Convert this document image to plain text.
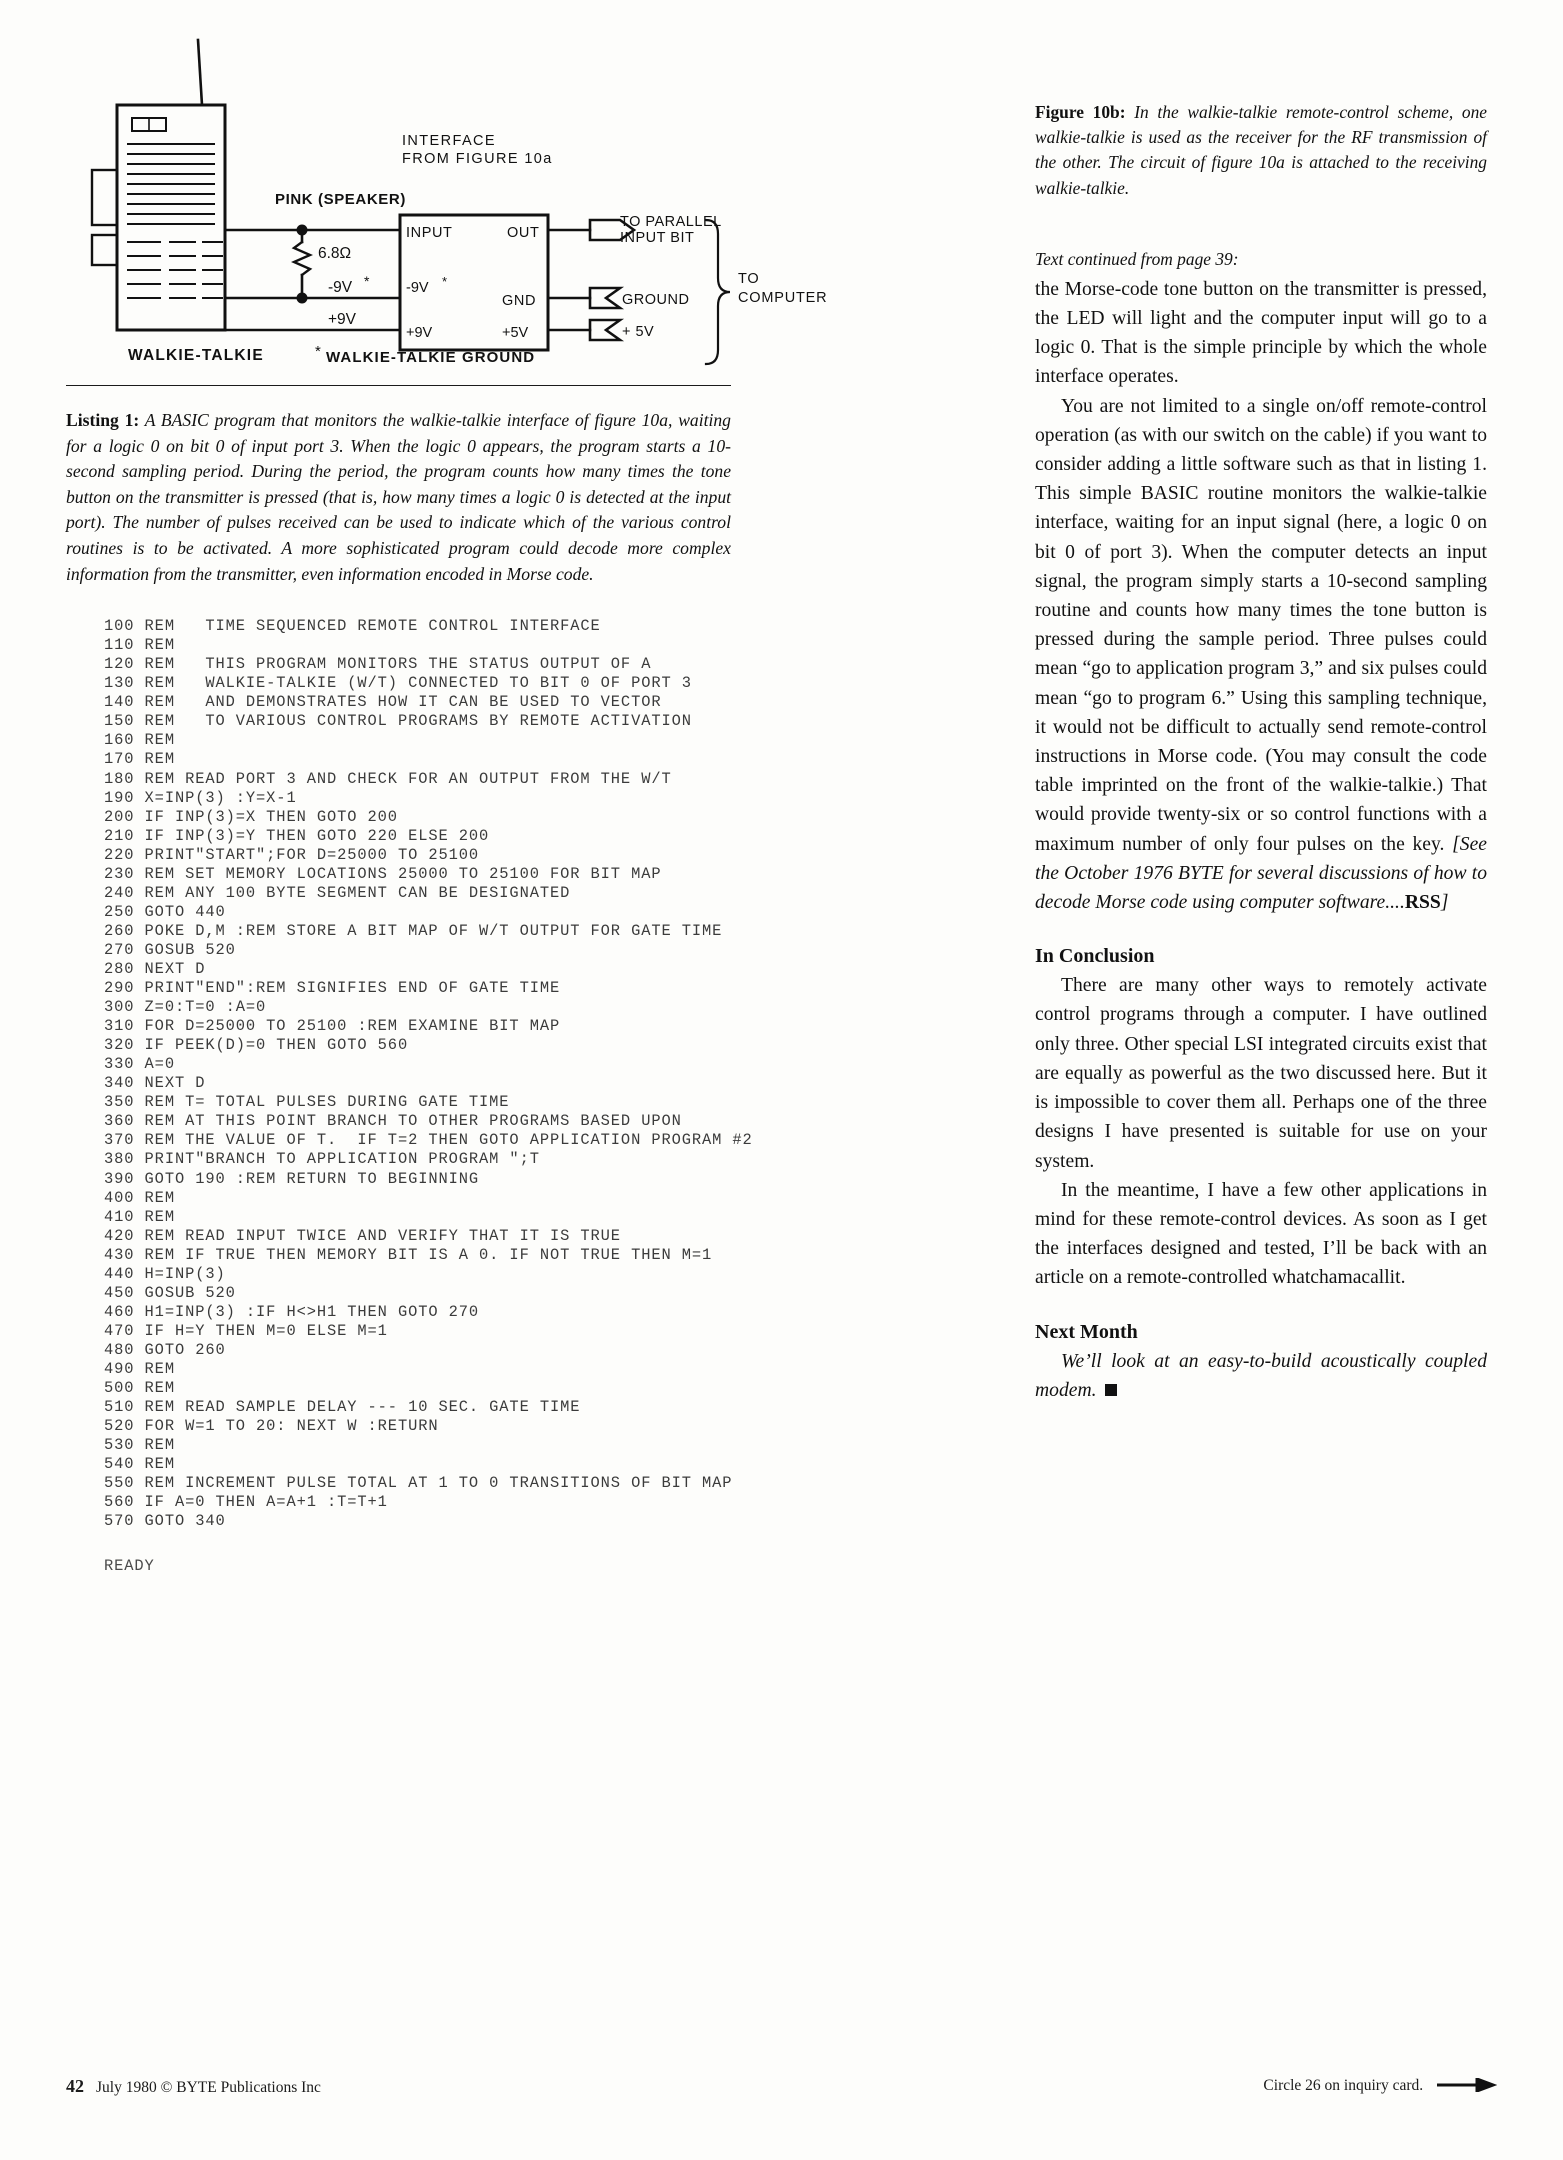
INTERFACE
FROM FIGURE 10a
PINK (SPEAKER)
6.8Ω
-9V *
+9V
INPUT	OUT
-9V *
GND
+9V	+5V
TO PARALLEL
INPUT BIT
GROUND
+ 5V
TO
COMPUTER
WALKIE-TALKIE	* WALKIE-TALKIE GROUND

Listing 1: A BASIC program that monitors the walkie-talkie interface of figure 10a, waiting for a logic 0 on bit 0 of input port 3. When the logic 0 appears, the program starts a 10-second sampling period. During the period, the program counts how many times the tone button on the transmitter is pressed (that is, how many times a logic 0 is detected at the input port). The number of pulses received can be used to indicate which of the various control routines is to be activated. A more sophisticated program could decode more complex information from the transmitter, even information encoded in Morse code.

100 REM   TIME SEQUENCED REMOTE CONTROL INTERFACE
110 REM
120 REM   THIS PROGRAM MONITORS THE STATUS OUTPUT OF A
130 REM   WALKIE-TALKIE (W/T) CONNECTED TO BIT 0 OF PORT 3
140 REM   AND DEMONSTRATES HOW IT CAN BE USED TO VECTOR
150 REM   TO VARIOUS CONTROL PROGRAMS BY REMOTE ACTIVATION
160 REM
170 REM
180 REM READ PORT 3 AND CHECK FOR AN OUTPUT FROM THE W/T
190 X=INP(3) :Y=X-1
200 IF INP(3)=X THEN GOTO 200
210 IF INP(3)=Y THEN GOTO 220 ELSE 200
220 PRINT"START";FOR D=25000 TO 25100
230 REM SET MEMORY LOCATIONS 25000 TO 25100 FOR BIT MAP
240 REM ANY 100 BYTE SEGMENT CAN BE DESIGNATED
250 GOTO 440
260 POKE D,M :REM STORE A BIT MAP OF W/T OUTPUT FOR GATE TIME
270 GOSUB 520
280 NEXT D
290 PRINT"END":REM SIGNIFIES END OF GATE TIME
300 Z=0:T=0 :A=0
310 FOR D=25000 TO 25100 :REM EXAMINE BIT MAP
320 IF PEEK(D)=0 THEN GOTO 560
330 A=0
340 NEXT D
350 REM T= TOTAL PULSES DURING GATE TIME
360 REM AT THIS POINT BRANCH TO OTHER PROGRAMS BASED UPON
370 REM THE VALUE OF T.  IF T=2 THEN GOTO APPLICATION PROGRAM #2
380 PRINT"BRANCH TO APPLICATION PROGRAM ";T
390 GOTO 190 :REM RETURN TO BEGINNING
400 REM
410 REM
420 REM READ INPUT TWICE AND VERIFY THAT IT IS TRUE
430 REM IF TRUE THEN MEMORY BIT IS A 0. IF NOT TRUE THEN M=1
440 H=INP(3)
450 GOSUB 520
460 H1=INP(3) :IF H<>H1 THEN GOTO 270
470 IF H=Y THEN M=0 ELSE M=1
480 GOTO 260
490 REM
500 REM
510 REM READ SAMPLE DELAY --- 10 SEC. GATE TIME
520 FOR W=1 TO 20: NEXT W :RETURN
530 REM
540 REM
550 REM INCREMENT PULSE TOTAL AT 1 TO 0 TRANSITIONS OF BIT MAP
560 IF A=0 THEN A=A+1 :T=T+1
570 GOTO 340
READY

Figure 10b: In the walkie-talkie remote-control scheme, one walkie-talkie is used as the receiver for the RF transmission of the other. The circuit of figure 10a is attached to the receiving walkie-talkie.

Text continued from page 39:

the Morse-code tone button on the transmitter is pressed, the LED will light and the computer input will go to a logic 0. That is the simple principle by which the whole interface operates.

You are not limited to a single on/off remote-control operation (as with our switch on the cable) if you want to consider adding a little software such as that in listing 1. This simple BASIC routine monitors the walkie-talkie interface, waiting for an input signal (here, a logic 0 on bit 0 of port 3). When the computer detects an input signal, the program simply starts a 10-second sampling routine and counts how many times the tone button is pressed during the sample period. Three pulses could mean “go to application program 3,” and six pulses could mean “go to program 6.” Using this sampling technique, it would not be difficult to actually send remote-control instructions in Morse code. (You may consult the code table imprinted on the front of the walkie-talkie.) That would provide twenty-six or so control functions with a maximum number of only four pulses on the key. [See the October 1976 BYTE for several discussions of how to decode Morse code using computer software....RSS]

In Conclusion

There are many other ways to remotely activate control programs through a computer. I have outlined only three. Other special LSI integrated circuits exist that are equally as powerful as the two discussed here. But it is impossible to cover them all. Perhaps one of the three designs I have presented is suitable for use on your system.

In the meantime, I have a few other applications in mind for these remote-control devices. As soon as I get the interfaces designed and tested, I’ll be back with an article on a remote-controlled whatchamacallit.

Next Month

We’ll look at an easy-to-build acoustically coupled modem.

42 July 1980 © BYTE Publications Inc	Circle 26 on inquiry card.
